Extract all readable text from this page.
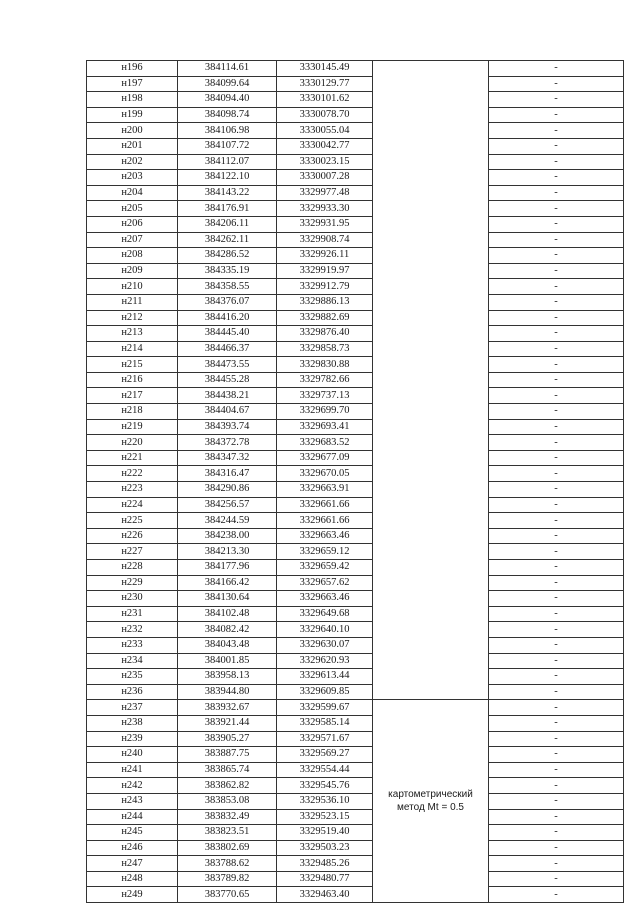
н196	384114.61	3330145.49		-
н197	384099.64	3330129.77		-
н198	384094.40	3330101.62		-
н199	384098.74	3330078.70		-
н200	384106.98	3330055.04		-
н201	384107.72	3330042.77		-
н202	384112.07	3330023.15		-
н203	384122.10	3330007.28		-
н204	384143.22	3329977.48		-
н205	384176.91	3329933.30		-
н206	384206.11	3329931.95		-
н207	384262.11	3329908.74		-
н208	384286.52	3329926.11		-
н209	384335.19	3329919.97		-
н210	384358.55	3329912.79		-
н211	384376.07	3329886.13		-
н212	384416.20	3329882.69		-
н213	384445.40	3329876.40		-
н214	384466.37	3329858.73		-
н215	384473.55	3329830.88		-
н216	384455.28	3329782.66		-
н217	384438.21	3329737.13		-
н218	384404.67	3329699.70		-
н219	384393.74	3329693.41		-
н220	384372.78	3329683.52		-
н221	384347.32	3329677.09		-
н222	384316.47	3329670.05		-
н223	384290.86	3329663.91		-
н224	384256.57	3329661.66		-
н225	384244.59	3329661.66		-
н226	384238.00	3329663.46		-
н227	384213.30	3329659.12		-
н228	384177.96	3329659.42		-
н229	384166.42	3329657.62		-
н230	384130.64	3329663.46		-
н231	384102.48	3329649.68		-
н232	384082.42	3329640.10		-
н233	384043.48	3329630.07		-
н234	384001.85	3329620.93		-
н235	383958.13	3329613.44		-
н236	383944.80	3329609.85		-
н237	383932.67	3329599.67	картометрический метод Mt = 0.5	-
н238	383921.44	3329585.14		-
н239	383905.27	3329571.67		-
н240	383887.75	3329569.27		-
н241	383865.74	3329554.44		-
н242	383862.82	3329545.76		-
н243	383853.08	3329536.10		-
н244	383832.49	3329523.15		-
н245	383823.51	3329519.40		-
н246	383802.69	3329503.23		-
н247	383788.62	3329485.26		-
н248	383789.82	3329480.77		-
н249	383770.65	3329463.40		-
